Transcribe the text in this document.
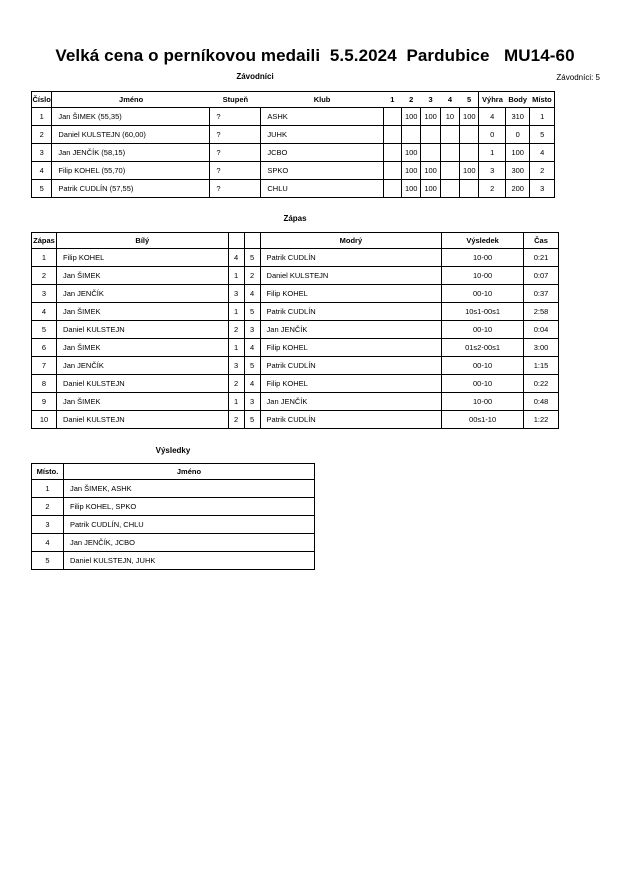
Velká cena o perníkovou medaili  5.5.2024  Pardubice   MU14-60
Závodníci	Závodníci: 5
Číslo	Jméno	Stupeň	Klub	1	2	3	4	5	Výhra	Body	Místo
1	Jan ŠIMEK (55,35)	?	ASHK		100	100	10	100	4	310	1
2	Daniel KULSTEJN (60,00)	?	JUHK						0	0	5
3	Jan JENČÍK (58,15)	?	JCBO		100				1	100	4
4	Filip KOHEL (55,70)	?	SPKO		100	100		100	3	300	2
5	Patrik CUDLÍN (57,55)	?	CHLU		100	100			2	200	3
Zápas
Zápas	Bílý			Modrý	Výsledek	Čas
1	Filip KOHEL	4	5	Patrik CUDLÍN	10-00	0:21
2	Jan ŠIMEK	1	2	Daniel KULSTEJN	10-00	0:07
3	Jan JENČÍK	3	4	Filip KOHEL	00-10	0:37
4	Jan ŠIMEK	1	5	Patrik CUDLÍN	10s1-00s1	2:58
5	Daniel KULSTEJN	2	3	Jan JENČÍK	00-10	0:04
6	Jan ŠIMEK	1	4	Filip KOHEL	01s2-00s1	3:00
7	Jan JENČÍK	3	5	Patrik CUDLÍN	00-10	1:15
8	Daniel KULSTEJN	2	4	Filip KOHEL	00-10	0:22
9	Jan ŠIMEK	1	3	Jan JENČÍK	10-00	0:48
10	Daniel KULSTEJN	2	5	Patrik CUDLÍN	00s1-10	1:22
Výsledky
Místo.	Jméno
1	Jan ŠIMEK, ASHK
2	Filip KOHEL, SPKO
3	Patrik CUDLÍN, CHLU
4	Jan JENČÍK, JCBO
5	Daniel KULSTEJN, JUHK
